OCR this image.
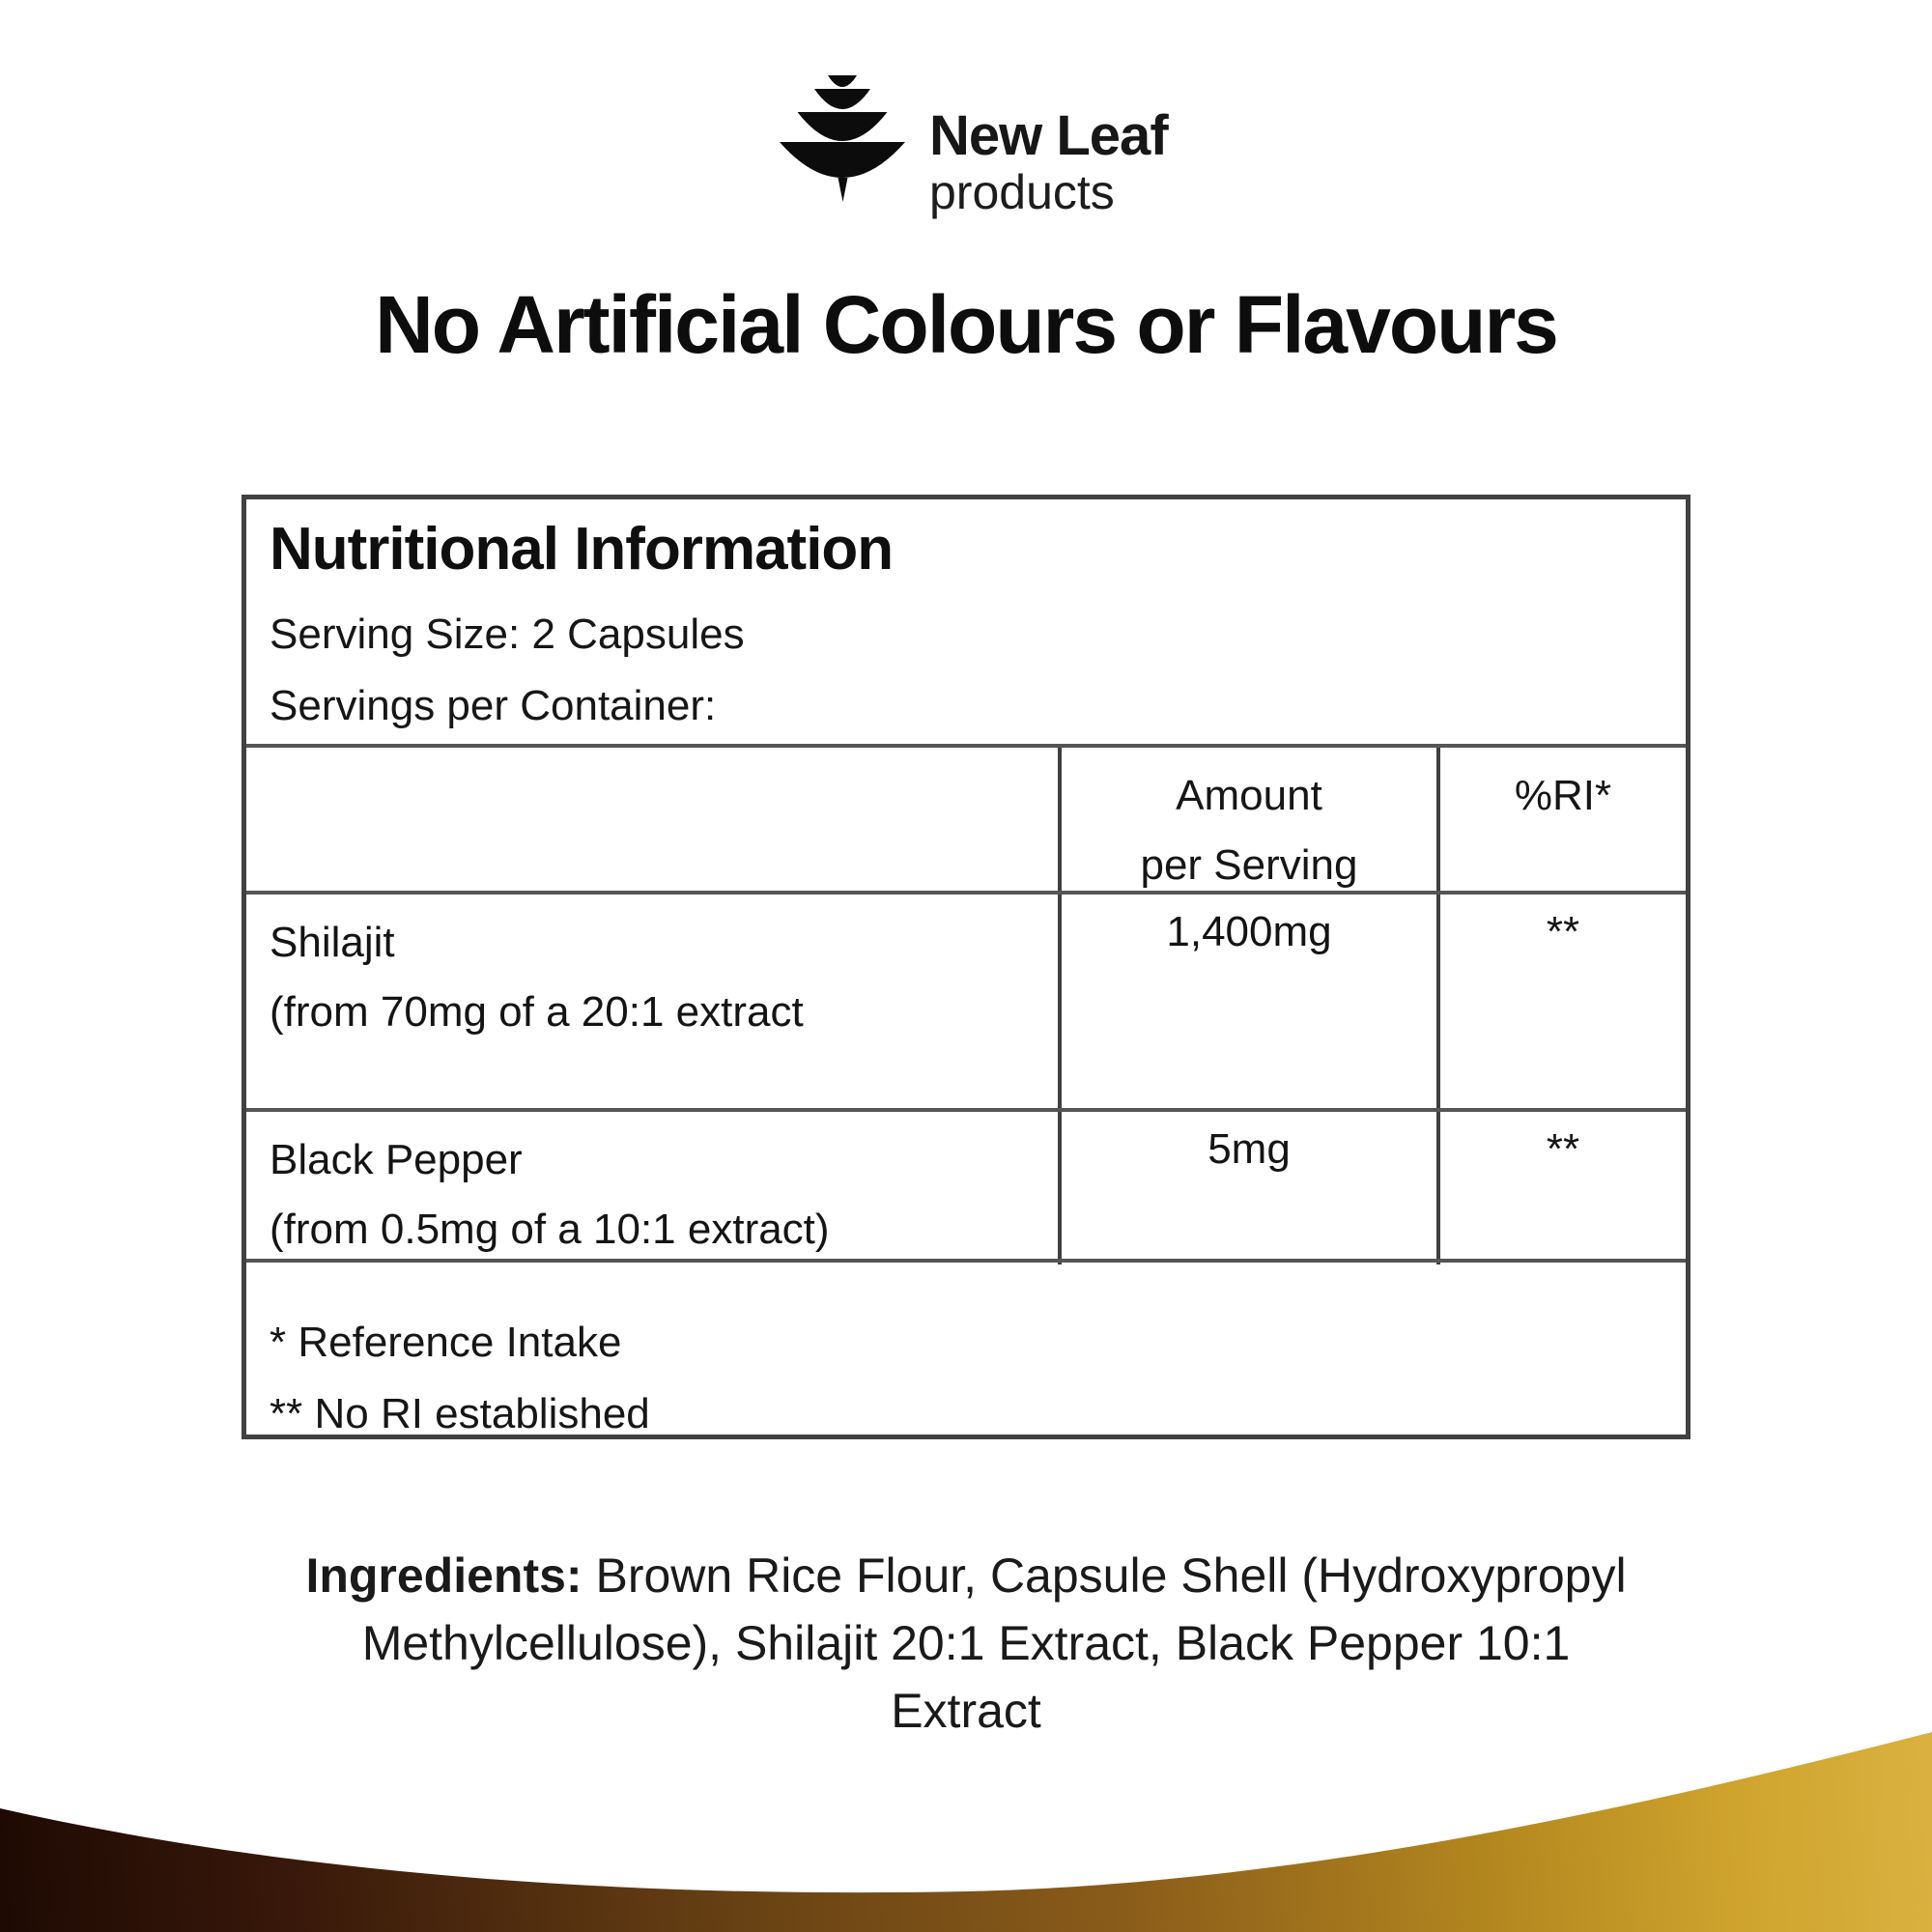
New Leaf
products
No Artificial Colours or Flavours
Nutritional Information
Serving Size: 2 Capsules
Servings per Container:
Amount
per Serving
%RI*
Shilajit
(from 70mg of a 20:1 extract
1,400mg	**
Black Pepper
(from 0.5mg of a 10:1 extract)
5mg	**
* Reference Intake
** No RI established

Ingredients: Brown Rice Flour, Capsule Shell (Hydroxypropyl
Methylcellulose), Shilajit 20:1 Extract, Black Pepper 10:1
Extract
